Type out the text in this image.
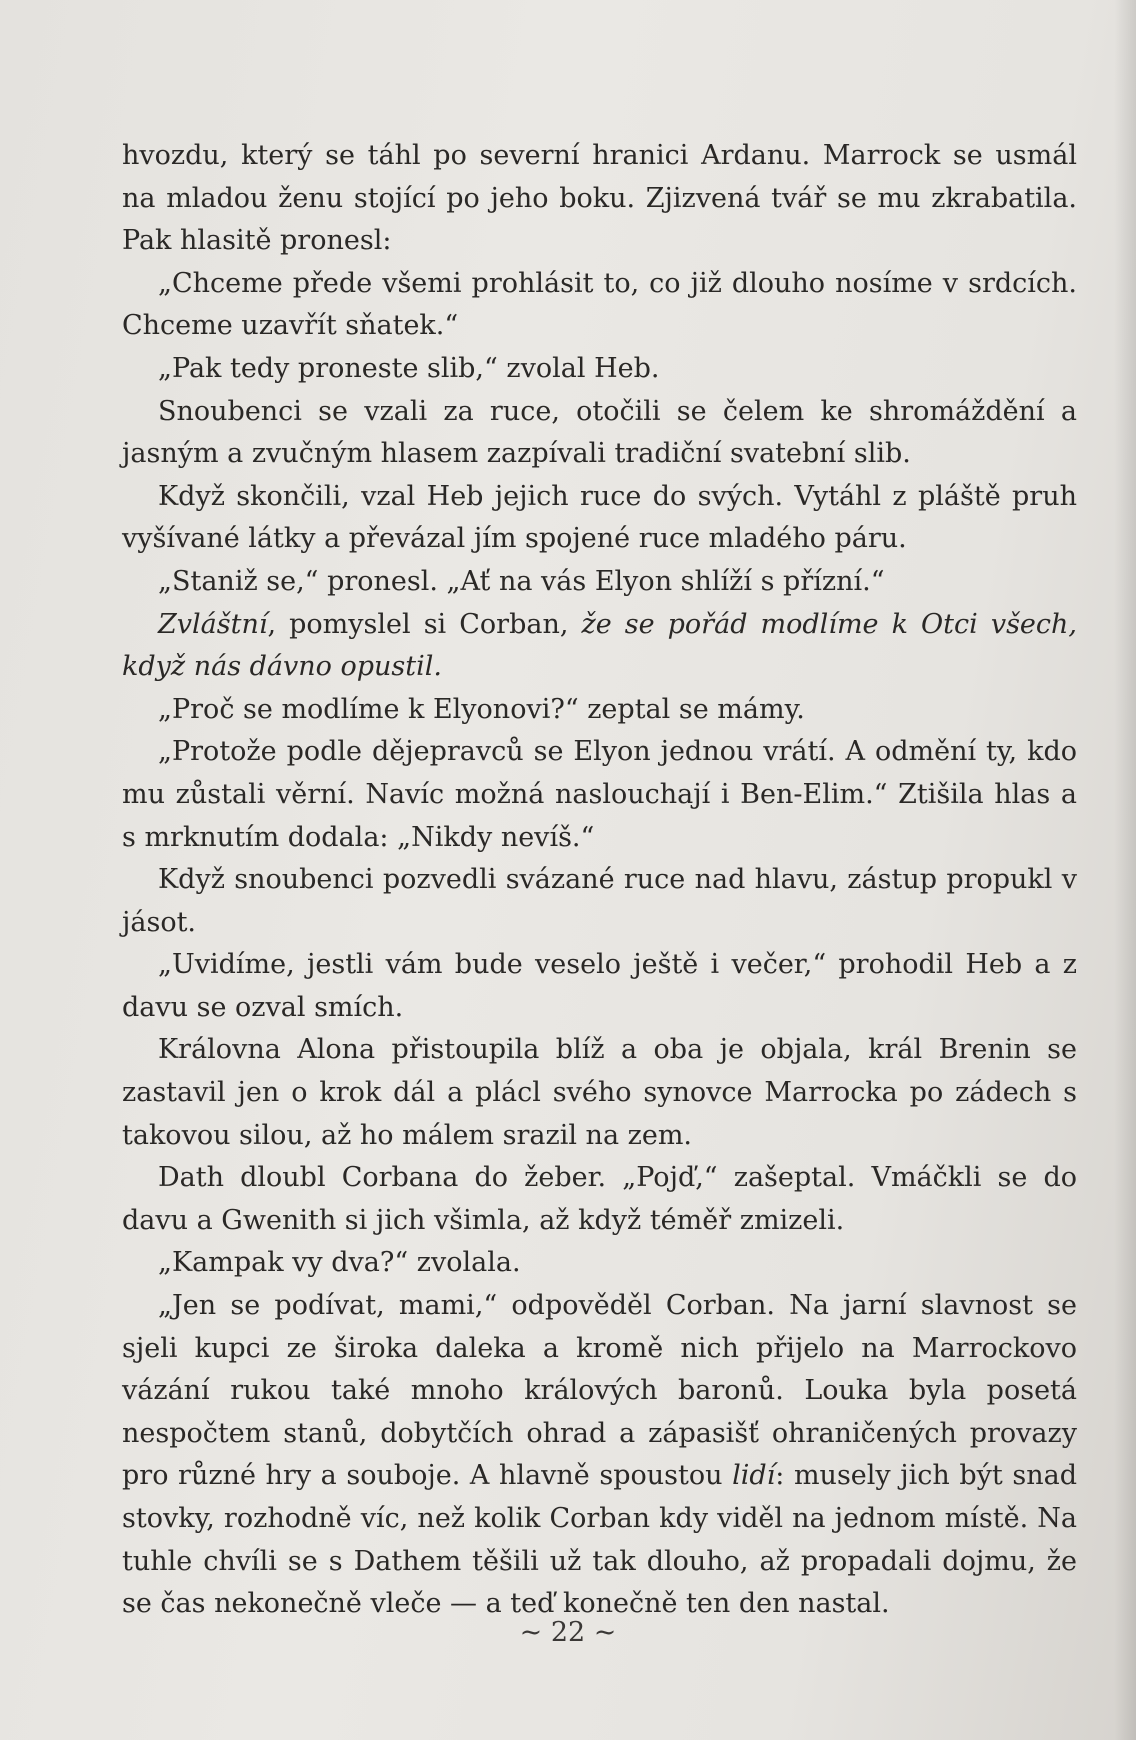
hvozdu, který se táhl po severní hranici Ardanu. Marrock se usmál na mladou ženu stojící po jeho boku. Zjizvená tvář se mu zkrabatila. Pak hlasitě pronesl:

„Chceme přede všemi prohlásit to, co již dlouho nosíme v srdcích. Chceme uzavřít sňatek.“

„Pak tedy proneste slib,“ zvolal Heb.

Snoubenci se vzali za ruce, otočili se čelem ke shromáždění a jasným a zvučným hlasem zazpívali tradiční svatební slib.

Když skončili, vzal Heb jejich ruce do svých. Vytáhl z pláště pruh vyšívané látky a převázal jím spojené ruce mladého páru.

„Staniž se,“ pronesl. „Ať na vás Elyon shlíží s přízní.“

Zvláštní, pomyslel si Corban, že se pořád modlíme k Otci všech, když nás dávno opustil.

„Proč se modlíme k Elyonovi?“ zeptal se mámy.

„Protože podle dějepravců se Elyon jednou vrátí. A odmění ty, kdo mu zůstali věrní. Navíc možná naslouchají i Ben-Elim.“ Ztišila hlas a s mrknutím dodala: „Nikdy nevíš.“

Když snoubenci pozvedli svázané ruce nad hlavu, zástup propukl v jásot.

„Uvidíme, jestli vám bude veselo ještě i večer,“ prohodil Heb a z davu se ozval smích.

Královna Alona přistoupila blíž a oba je objala, král Brenin se zastavil jen o krok dál a plácl svého synovce Marrocka po zádech s takovou silou, až ho málem srazil na zem.

Dath dloubl Corbana do žeber. „Pojď,“ zašeptal. Vmáčkli se do davu a Gwenith si jich všimla, až když téměř zmizeli.

„Kampak vy dva?“ zvolala.

„Jen se podívat, mami,“ odpověděl Corban. Na jarní slavnost se sjeli kupci ze široka daleka a kromě nich přijelo na Marrockovo vázání rukou také mnoho králových baronů. Louka byla posetá nespočtem stanů, dobytčích ohrad a zápasišť ohraničených provazy pro různé hry a souboje. A hlavně spoustou lidí: musely jich být snad stovky, rozhodně víc, než kolik Corban kdy viděl na jednom místě. Na tuhle chvíli se s Dathem těšili už tak dlouho, až propadali dojmu, že se čas nekonečně vleče — a teď konečně ten den nastal.

~ 22 ~
